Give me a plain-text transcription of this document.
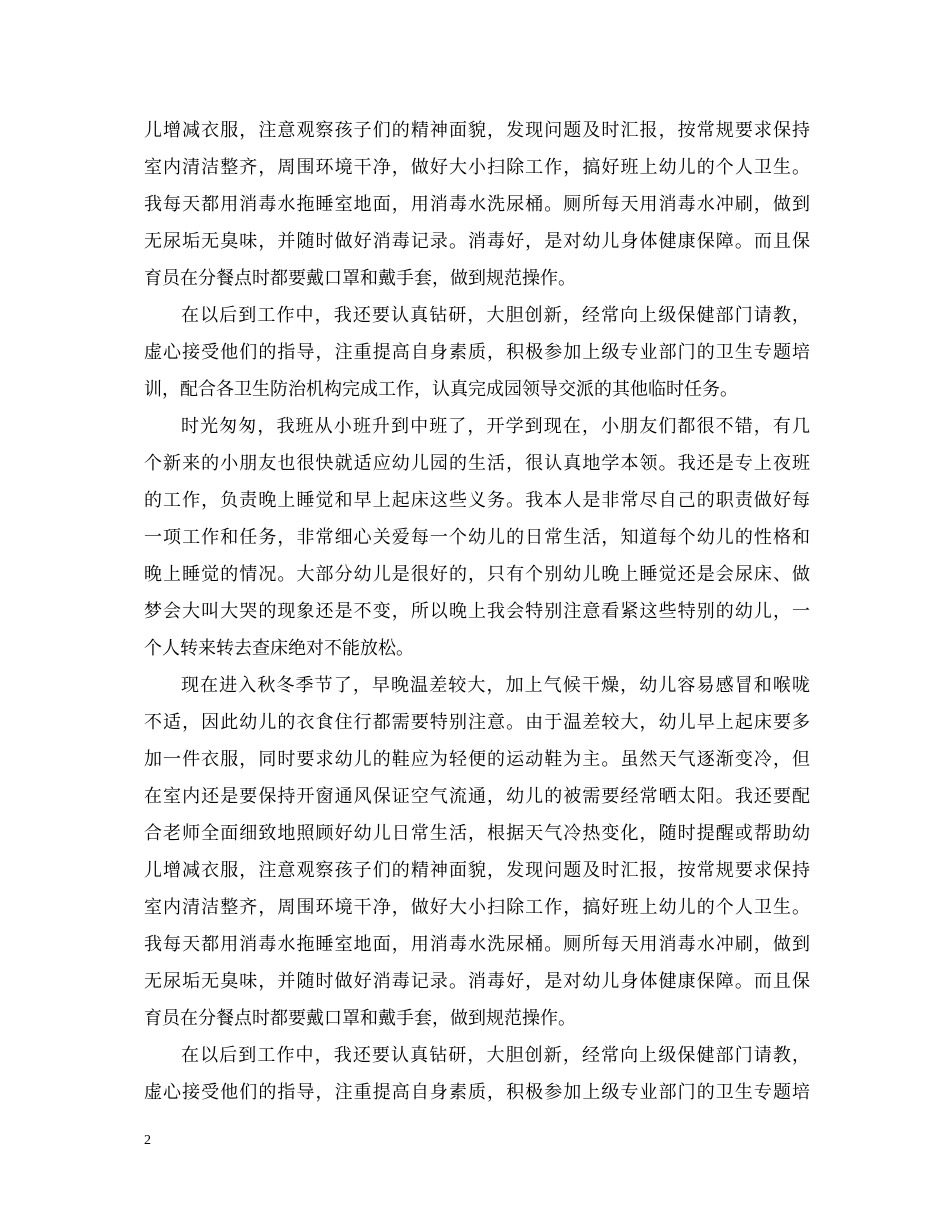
儿增减衣服，注意观察孩子们的精神面貌，发现问题及时汇报，按常规要求保持
室内清洁整齐，周围环境干净，做好大小扫除工作，搞好班上幼儿的个人卫生。
我每天都用消毒水拖睡室地面，用消毒水洗尿桶。厕所每天用消毒水冲刷，做到
无尿垢无臭味，并随时做好消毒记录。消毒好，是对幼儿身体健康保障。而且保
育员在分餐点时都要戴口罩和戴手套，做到规范操作。
在以后到工作中，我还要认真钻研，大胆创新，经常向上级保健部门请教，
虚心接受他们的指导，注重提高自身素质，积极参加上级专业部门的卫生专题培
训，配合各卫生防治机构完成工作，认真完成园领导交派的其他临时任务。
时光匆匆，我班从小班升到中班了，开学到现在，小朋友们都很不错，有几
个新来的小朋友也很快就适应幼儿园的生活，很认真地学本领。我还是专上夜班
的工作，负责晚上睡觉和早上起床这些义务。我本人是非常尽自己的职责做好每
一项工作和任务，非常细心关爱每一个幼儿的日常生活，知道每个幼儿的性格和
晚上睡觉的情况。大部分幼儿是很好的，只有个别幼儿晚上睡觉还是会尿床、做
梦会大叫大哭的现象还是不变，所以晚上我会特别注意看紧这些特别的幼儿，一
个人转来转去查床绝对不能放松。
现在进入秋冬季节了，早晚温差较大，加上气候干燥，幼儿容易感冒和喉咙
不适，因此幼儿的衣食住行都需要特别注意。由于温差较大，幼儿早上起床要多
加一件衣服，同时要求幼儿的鞋应为轻便的运动鞋为主。虽然天气逐渐变冷，但
在室内还是要保持开窗通风保证空气流通，幼儿的被需要经常晒太阳。我还要配
合老师全面细致地照顾好幼儿日常生活，根据天气冷热变化，随时提醒或帮助幼
儿增减衣服，注意观察孩子们的精神面貌，发现问题及时汇报，按常规要求保持
室内清洁整齐，周围环境干净，做好大小扫除工作，搞好班上幼儿的个人卫生。
我每天都用消毒水拖睡室地面，用消毒水洗尿桶。厕所每天用消毒水冲刷，做到
无尿垢无臭味，并随时做好消毒记录。消毒好，是对幼儿身体健康保障。而且保
育员在分餐点时都要戴口罩和戴手套，做到规范操作。
在以后到工作中，我还要认真钻研，大胆创新，经常向上级保健部门请教，
虚心接受他们的指导，注重提高自身素质，积极参加上级专业部门的卫生专题培
2
